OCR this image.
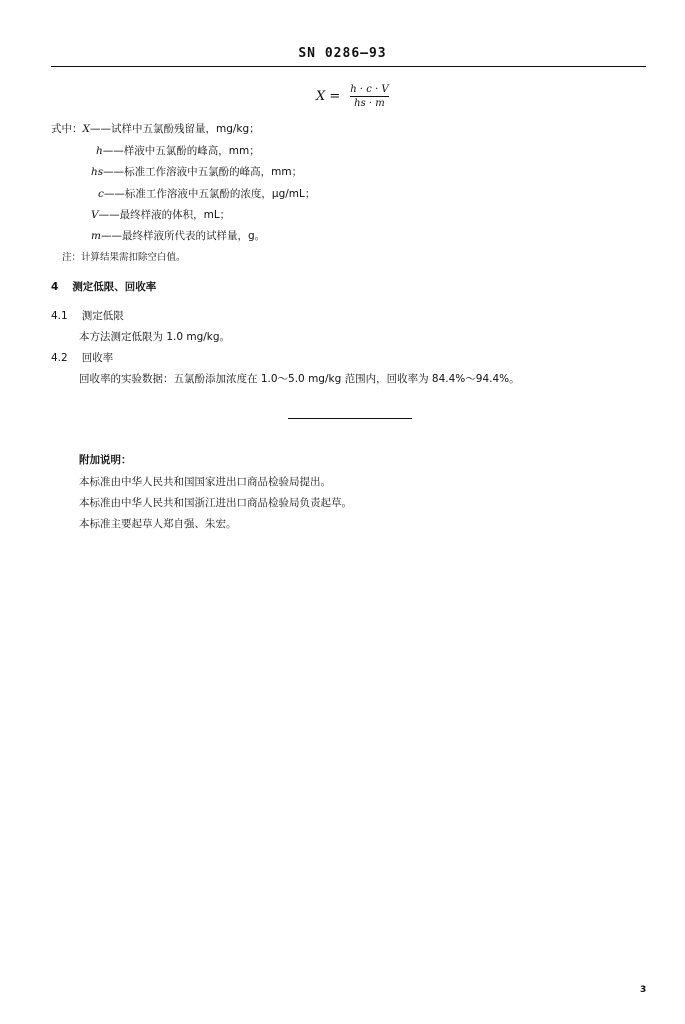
SN 0286—93
$X = \frac{h \cdot c \cdot V}{hs \cdot m}$
式中：X——试样中五氯酚残留量，mg/kg；
h——样液中五氯酚的峰高，mm；
hs——标准工作溶液中五氯酚的峰高，mm；
c——标准工作溶液中五氯酚的浓度，μg/mL；
V——最终样液的体积，mL；
m——最终样液所代表的试样量，g。
注：计算结果需扣除空白值。
4 测定低限、回收率
4.1 测定低限
本方法测定低限为 1.0 mg/kg。
4.2 回收率
回收率的实验数据：五氯酚添加浓度在 1.0～5.0 mg/kg 范围内，回收率为 84.4%～94.4%。
附加说明：
本标准由中华人民共和国国家进出口商品检验局提出。
本标准由中华人民共和国浙江进出口商品检验局负责起草。
本标准主要起草人郑自强、朱宏。
3
